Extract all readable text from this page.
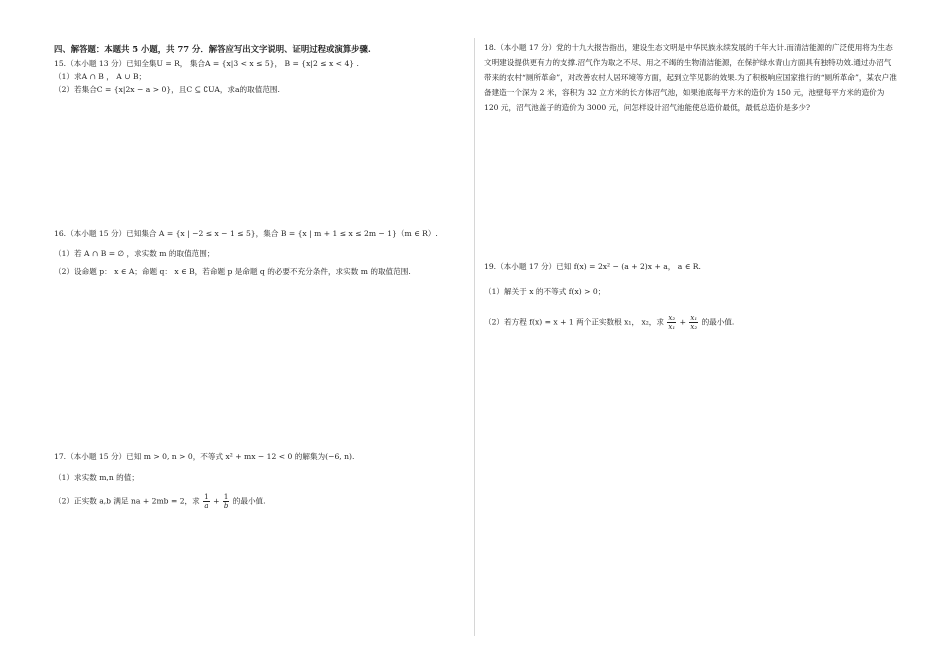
四、解答题：本题共 5 小题，共 77 分．解答应写出文字说明、证明过程或演算步骤.
15.（本小题 13 分）已知全集U = R， 集合A = {x|3 < x ≤ 5}， B = {x|2 ≤ x < 4} .
（1）求A ∩ B ， A ∪ B；
（2）若集合C = {x|2x − a > 0}，且C ⊆ ∁UA，求a的取值范围.
16.（本小题 15 分）已知集合 A = {x | −2 ≤ x − 1 ≤ 5}，集合 B = {x | m + 1 ≤ x ≤ 2m − 1}（m ∈ R）.
（1）若 A ∩ B = ∅ ，求实数 m 的取值范围；
（2）设命题 p： x ∈ A；命题 q： x ∈ B，若命题 p 是命题 q 的必要不充分条件，求实数 m 的取值范围.
17.（本小题 15 分）已知 m > 0, n > 0，不等式 x² + mx − 12 < 0 的解集为(−6, n).
（1）求实数 m,n 的值；
（2）正实数 a,b 满足 na + 2mb = 2，求 $\frac{1}{a} + \frac{1}{b}$ 的最小值.
18.（本小题 17 分）党的十九大报告指出，建设生态文明是中华民族永续发展的千年大计.而清洁能源的广泛使用将为生态文明建设提供更有力的支撑.沼气作为取之不尽、用之不竭的生物清洁能源，在保护绿水青山方面具有独特功效.通过办沼气带来的农村“厕所革命”，对改善农村人居环境等方面，起到立竿见影的效果.为了积极响应国家推行的“厕所革命”，某农户准备建造一个深为 2 米，容积为 32 立方米的长方体沼气池，如果池底每平方米的造价为 150 元，池壁每平方米的造价为 120 元，沼气池盖子的造价为 3000 元，问怎样设计沼气池能使总造价最低，最低总造价是多少?
19.（本小题 17 分）已知 f(x) = 2x² − (a + 2)x + a， a ∈ R.
（1）解关于 x 的不等式 f(x) > 0；
（2）若方程 f(x) = x + 1 两个正实数根 x₁， x₂，求 $\frac{\text{x₂}}{\text{x₁}} + \frac{\text{x₁}}{\text{x₂}}$ 的最小值.
